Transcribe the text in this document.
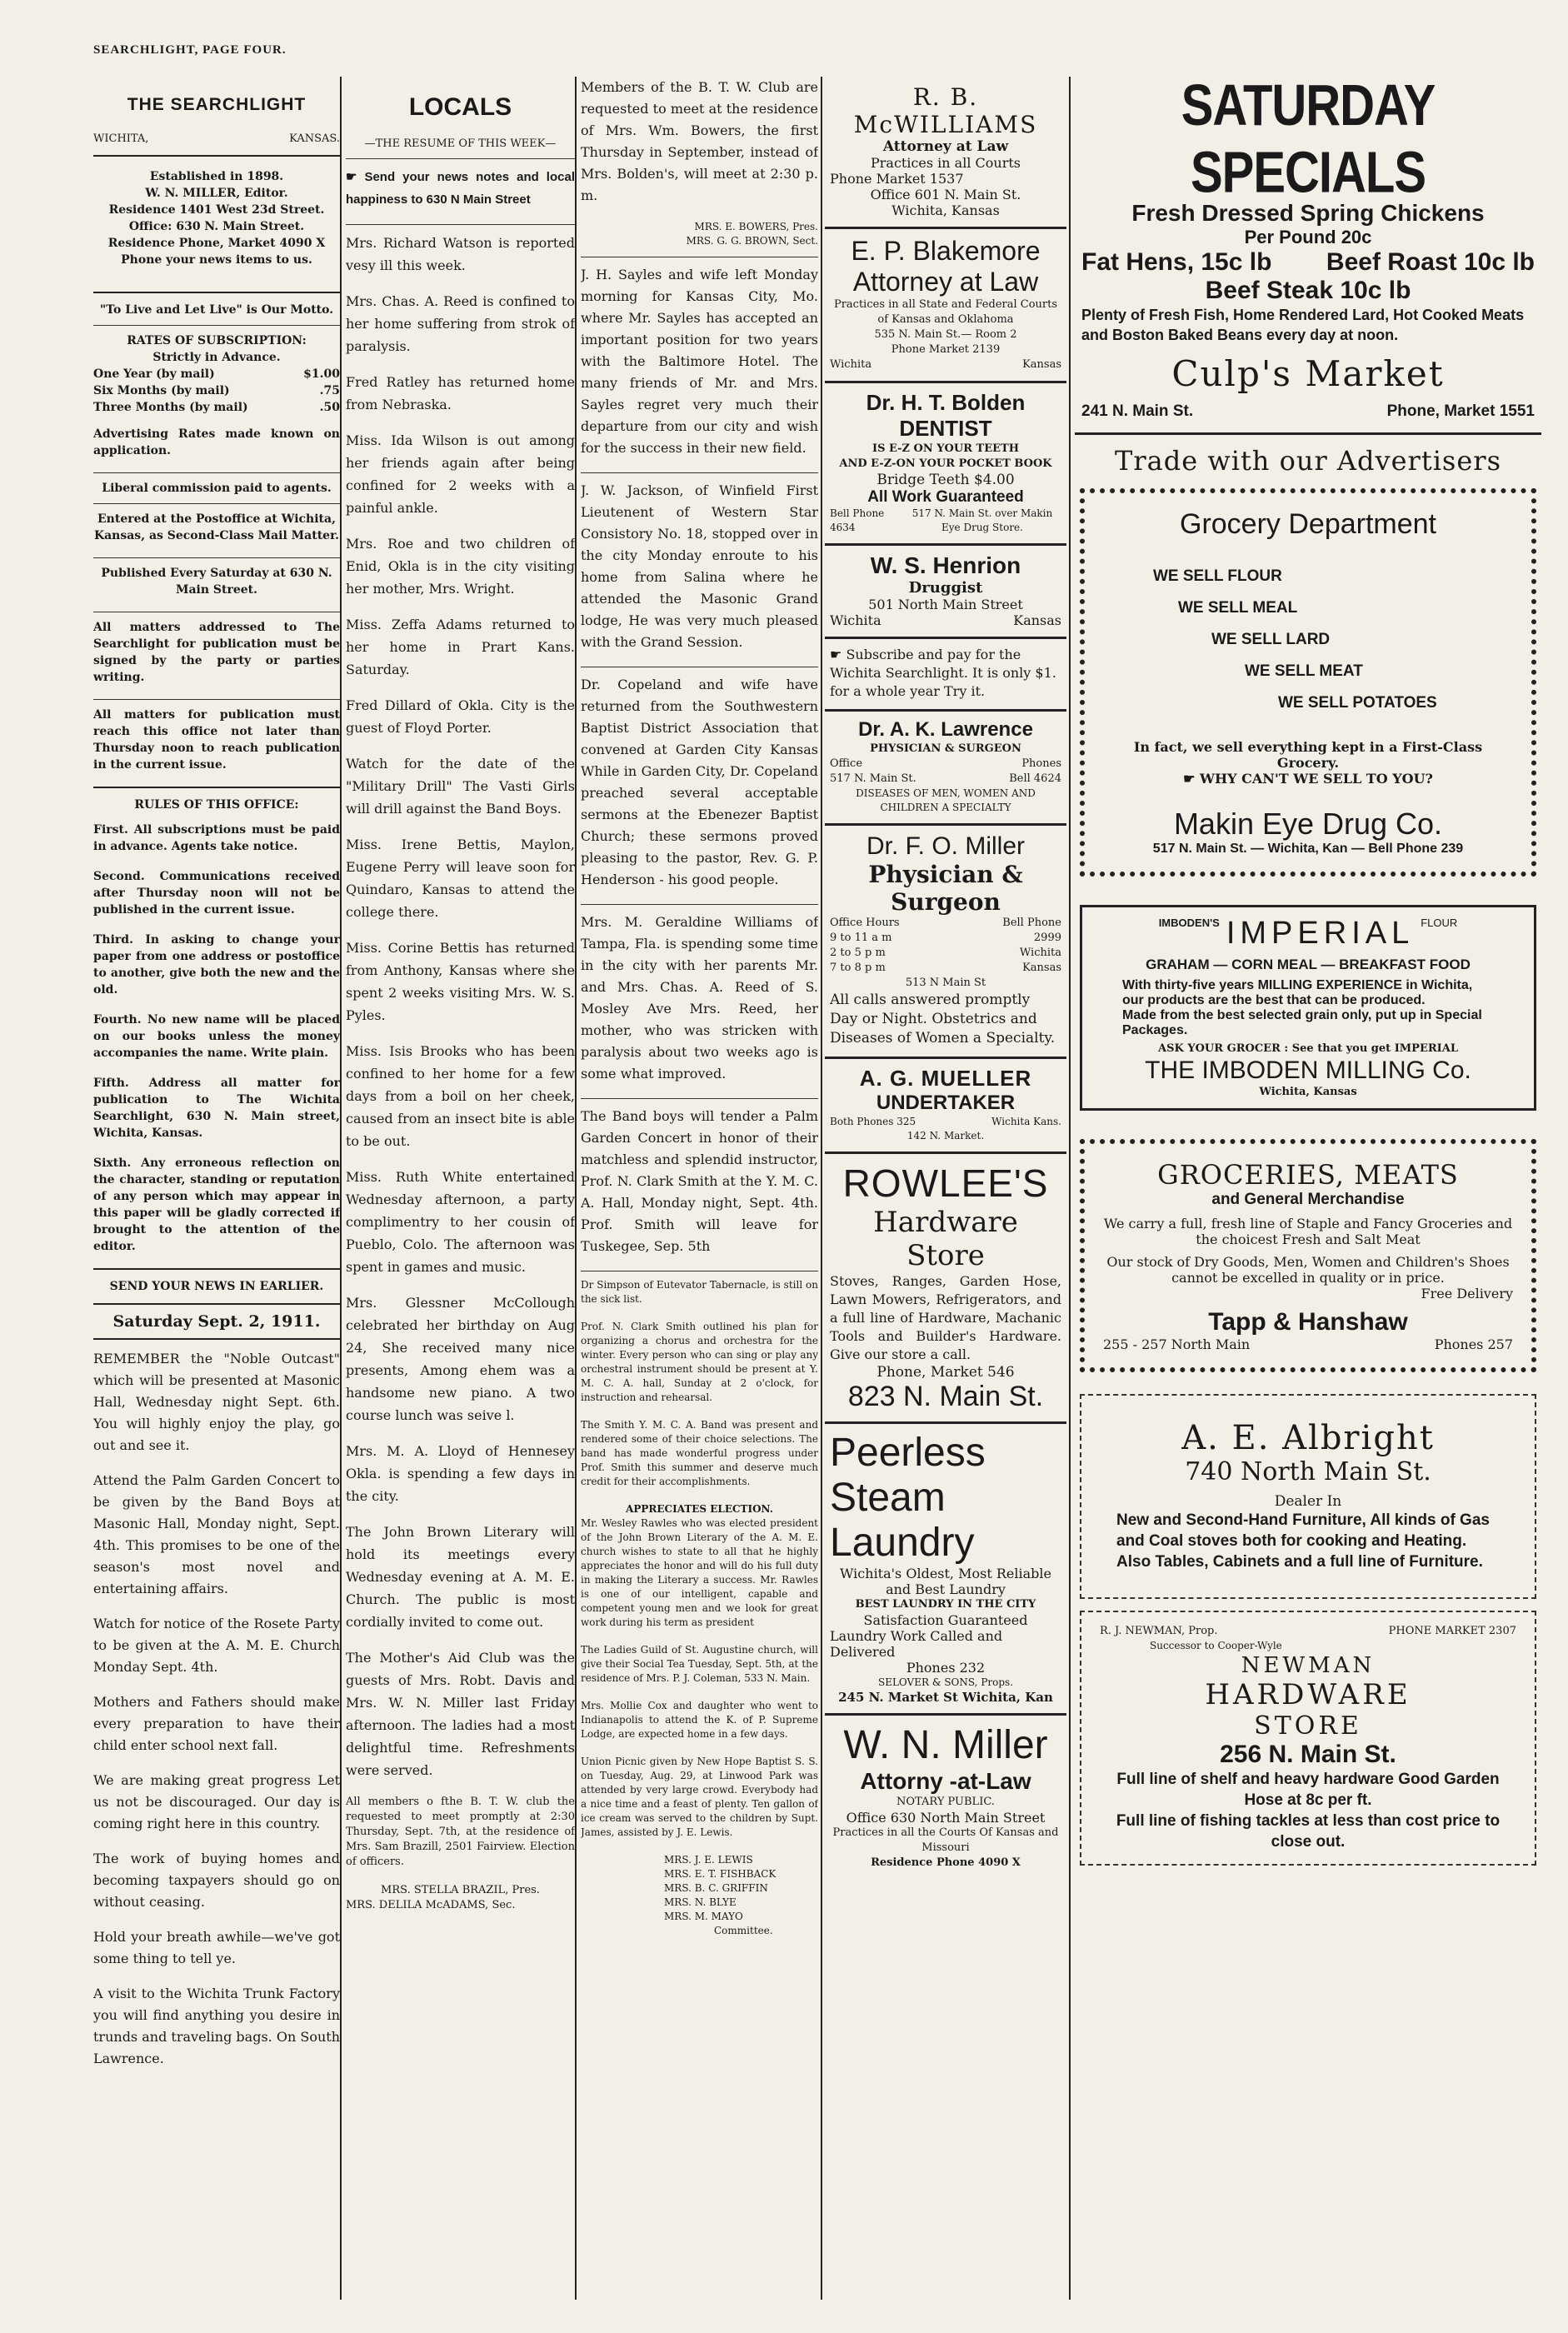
SEARCHLIGHT, PAGE FOUR.
THE SEARCHLIGHT
WICHITA,	KANSAS.
Established in 1898.
W. N. MILLER, Editor.
Residence 1401 West 23d Street.
Office: 630 N. Main Street.
Residence Phone, Market 4090 X
Phone your news items to us.
"To Live and Let Live" is Our Motto.
RATES OF SUBSCRIPTION:
Strictly in Advance.
One Year (by mail)	$1.00
Six Months (by mail)	.75
Three Months (by mail)	.50

Advertising Rates made known on application.

Liberal commission paid to agents.

Entered at the Postoffice at Wichita, Kansas, as Second-Class Mail Matter.

Published Every Saturday at 630 N. Main Street.

All matters addressed to The Searchlight for publication must be signed by the party or parties writing.

All matters for publication must reach this office not later than Thursday noon to reach publication in the current issue.

RULES OF THIS OFFICE:

First. All subscriptions must be paid in advance. Agents take notice.

Second. Communications received after Thursday noon will not be published in the current issue.

Third. In asking to change your paper from one address or postoffice to another, give both the new and the old.

Fourth. No new name will be placed on our books unless the money accompanies the name. Write plain.

Fifth. Address all matter for publication to The Wichita Searchlight, 630 N. Main street, Wichita, Kansas.

Sixth. Any erroneous reflection on the character, standing or reputation of any person which may appear in this paper will be gladly corrected if brought to the attention of the editor.

SEND YOUR NEWS IN EARLIER.
Saturday Sept. 2, 1911.

REMEMBER the "Noble Outcast" which will be presented at Masonic Hall, Wednesday night Sept. 6th. You will highly enjoy the play, go out and see it.

Attend the Palm Garden Concert to be given by the Band Boys at Masonic Hall, Monday night, Sept. 4th. This promises to be one of the season's most novel and entertaining affairs.

Watch for notice of the Rosete Party to be given at the A. M. E. Church Monday Sept. 4th.

Mothers and Fathers should make every preparation to have their child enter school next fall.

We are making great progress Let us not be discouraged. Our day is coming right here in this country.

The work of buying homes and becoming taxpayers should go on without ceasing.

Hold your breath awhile—we've got some thing to tell ye.

A visit to the Wichita Trunk Factory you will find anything you desire in trunds and traveling bags. On South Lawrence.

LOCALS
—THE RESUME OF THIS WEEK—

☛ Send your news notes and local happiness to 630 N Main Street

Mrs. Richard Watson is reported vesy ill this week.

Mrs. Chas. A. Reed is confined to her home suffering from strok of paralysis.

Fred Ratley has returned home from Nebraska.

Miss. Ida Wilson is out among her friends again after being confined for 2 weeks with a painful ankle.

Mrs. Roe and two children of Enid, Okla is in the city visiting her mother, Mrs. Wright.

Miss. Zeffa Adams returned to her home in Prart Kans. Saturday.

Fred Dillard of Okla. City is the guest of Floyd Porter.

Watch for the date of the "Military Drill" The Vasti Girls will drill against the Band Boys.

Miss. Irene Bettis, Maylon, Eugene Perry will leave soon for Quindaro, Kansas to attend the college there.

Miss. Corine Bettis has returned from Anthony, Kansas where she spent 2 weeks visiting Mrs. W. S. Pyles.

Miss. Isis Brooks who has been confined to her home for a few days from a boil on her cheek, caused from an insect bite is able to be out.

Miss. Ruth White entertained Wednesday afternoon, a party complimentry to her cousin of Pueblo, Colo. The afternoon was spent in games and music.

Mrs. Glessner McCollough celebrated her birthday on Aug 24, She received many nice presents, Among ehem was a handsome new piano. A two course lunch was seive l.

Mrs. M. A. Lloyd of Hennesey Okla. is spending a few days in the city.

The John Brown Literary will hold its meetings every Wednesday evening at A. M. E. Church. The public is most cordially invited to come out.

The Mother's Aid Club was the guests of Mrs. Robt. Davis and Mrs. W. N. Miller last Friday afternoon. The ladies had a most delightful time. Refreshments were served.

All members o fthe B. T. W. club the requested to meet promptly at 2:30 Thursday, Sept. 7th, at the residence of Mrs. Sam Brazill, 2501 Fairview. Election of officers.

MRS. STELLA BRAZIL, Pres.
MRS. DELILA McADAMS, Sec.

Members of the B. T. W. Club are requested to meet at the residence of Mrs. Wm. Bowers, the first Thursday in September, instead of Mrs. Bolden's, will meet at 2:30 p. m.

MRS. E. BOWERS, Pres.
MRS. G. G. BROWN, Sect.

J. H. Sayles and wife left Monday morning for Kansas City, Mo. where Mr. Sayles has accepted an important position for two years with the Baltimore Hotel. The many friends of Mr. and Mrs. Sayles regret very much their departure from our city and wish for the success in their new field.

J. W. Jackson, of Winfield First Lieutenent of Western Star Consistory No. 18, stopped over in the city Monday enroute to his home from Salina where he attended the Masonic Grand lodge, He was very much pleased with the Grand Session.

Dr. Copeland and wife have returned from the Southwestern Baptist District Association that convened at Garden City Kansas While in Garden City, Dr. Copeland preached several acceptable sermons at the Ebenezer Baptist Church; these sermons proved pleasing to the pastor, Rev. G. P. Henderson - his good people.

Mrs. M. Geraldine Williams of Tampa, Fla. is spending some time in the city with her parents Mr. and Mrs. Chas. A. Reed of S. Mosley Ave Mrs. Reed, her mother, who was stricken with paralysis about two weeks ago is some what improved.

The Band boys will tender a Palm Garden Concert in honor of their matchless and splendid instructor, Prof. N. Clark Smith at the Y. M. C. A. Hall, Monday night, Sept. 4th. Prof. Smith will leave for Tuskegee, Sep. 5th

Dr Simpson of Eutevator Tabernacle, is still on the sick list.

Prof. N. Clark Smith outlined his plan for organizing a chorus and orchestra for the winter. Every person who can sing or play any orchestral instrument should be present at Y. M. C. A. hall, Sunday at 2 o'clock, for instruction and rehearsal.

The Smith Y. M. C. A. Band was present and rendered some of their choice selections. The band has made wonderful progress under Prof. Smith this summer and deserve much credit for their accomplishments.

APPRECIATES ELECTION.

Mr. Wesley Rawles who was elected president of the John Brown Literary of the A. M. E. church wishes to state to all that he highly appreciates the honor and will do his full duty in making the Literary a success. Mr. Rawles is one of our intelligent, capable and competent young men and we look for great work during his term as president

The Ladies Guild of St. Augustine church, will give their Social Tea Tuesday, Sept. 5th, at the residence of Mrs. P. J. Coleman, 533 N. Main.

Mrs. Mollie Cox and daughter who went to Indianapolis to attend the K. of P. Supreme Lodge, are expected home in a few days.

Union Picnic given by New Hope Baptist S. S. on Tuesday, Aug. 29, at Linwood Park was attended by very large crowd. Everybody had a nice time and a feast of plenty. Ten gallon of ice cream was served to the children by Supt. James, assisted by J. E. Lewis.

MRS. J. E. LEWIS
MRS. E. T. FISHBACK
MRS. B. C. GRIFFIN
MRS. N. BLYE
MRS. M. MAYO
Committee.
R. B. McWILLIAMS
Attorney at Law
Practices in all Courts
Phone Market 1537
Office 601 N. Main St.
Wichita, Kansas
E. P. Blakemore
Attorney at Law
Practices in all State and Federal Courts of Kansas and Oklahoma
535 N. Main St.— Room 2
Phone Market 2139
Wichita	Kansas
Dr. H. T. Bolden
DENTIST
IS E-Z ON YOUR TEETH
AND E-Z-ON YOUR POCKET BOOK
Bridge Teeth $4.00
All Work Guaranteed
Bell Phone 4634
517 N. Main St. over Makin Eye Drug Store.
W. S. Henrion
Druggist
501 North Main Street
Wichita	Kansas
☛ Subscribe and pay for the Wichita Searchlight. It is only $1. for a whole year Try it.
Dr. A. K. Lawrence
PHYSICIAN & SURGEON
Office	Phones
517 N. Main St.	Bell 4624
DISEASES OF MEN, WOMEN AND CHILDREN A SPECIALTY
Dr. F. O. Miller
Physician & Surgeon
Office Hours	Bell Phone
9 to 11 a m	2999
2 to 5 p m	Wichita
7 to 8 p m	Kansas
513 N Main St
All calls answered promptly Day or Night. Obstetrics and Diseases of Women a Specialty.
A. G. MUELLER
UNDERTAKER
Both Phones 325	Wichita Kans.
142 N. Market.
ROWLEE'S
Hardware Store
Stoves, Ranges, Garden Hose, Lawn Mowers, Refrigerators, and a full line of Hardware, Machanic Tools and Builder's Hardware. Give our store a call.
Phone, Market 546
823 N. Main St.
Peerless
Steam
Laundry
Wichita's Oldest, Most Reliable and Best Laundry
BEST LAUNDRY IN THE CITY
Satisfaction Guaranteed
Laundry Work Called and Delivered
Phones 232
SELOVER & SONS, Props.
245 N. Market St Wichita, Kan
W. N. Miller
Attorny -at-Law
NOTARY PUBLIC.
Office 630 North Main Street
Practices in all the Courts Of Kansas and Missouri
Residence Phone 4090 X
SATURDAY SPECIALS
Fresh Dressed Spring Chickens
Per Pound 20c
Fat Hens, 15c lb Beef Roast 10c lb
Beef Steak 10c lb
Plenty of Fresh Fish, Home Rendered Lard, Hot Cooked Meats and Boston Baked Beans every day at noon.
Culp's Market
241 N. Main St.	Phone, Market 1551
Trade with our Advertisers
Grocery Department
WE SELL FLOUR
WE SELL MEAL
WE SELL LARD
WE SELL MEAT
WE SELL POTATOES
In fact, we sell everything kept in a First-Class Grocery.
☛ WHY CAN'T WE SELL TO YOU?
Makin Eye Drug Co.
517 N. Main St. — Wichita, Kan — Bell Phone 239
IMBODEN'S IMPERIAL FLOUR
GRAHAM — CORN MEAL — BREAKFAST FOOD
With thirty-five years MILLING EXPERIENCE in Wichita, our products are the best that can be produced.
Made from the best selected grain only, put up in Special Packages.
ASK YOUR GROCER : See that you get IMPERIAL
THE IMBODEN MILLING Co.
Wichita, Kansas
GROCERIES, MEATS
and General Merchandise
We carry a full, fresh line of Staple and Fancy Groceries and the choicest Fresh and Salt Meat
Our stock of Dry Goods, Men, Women and Children's Shoes cannot be excelled in quality or in price.
Free Delivery
Tapp & Hanshaw
255 - 257 North Main	Phones 257
A. E. Albright
740 North Main St.
Dealer In
New and Second-Hand Furniture, All kinds of Gas and Coal stoves both for cooking and Heating. Also Tables, Cabinets and a full line of Furniture.
R. J. NEWMAN, Prop.	PHONE MARKET 2307
Successor to Cooper-Wyle
NEWMAN
HARDWARE
STORE
256 N. Main St.
Full line of shelf and heavy hardware Good Garden Hose at 8c per ft.
Full line of fishing tackles at less than cost price to close out.
